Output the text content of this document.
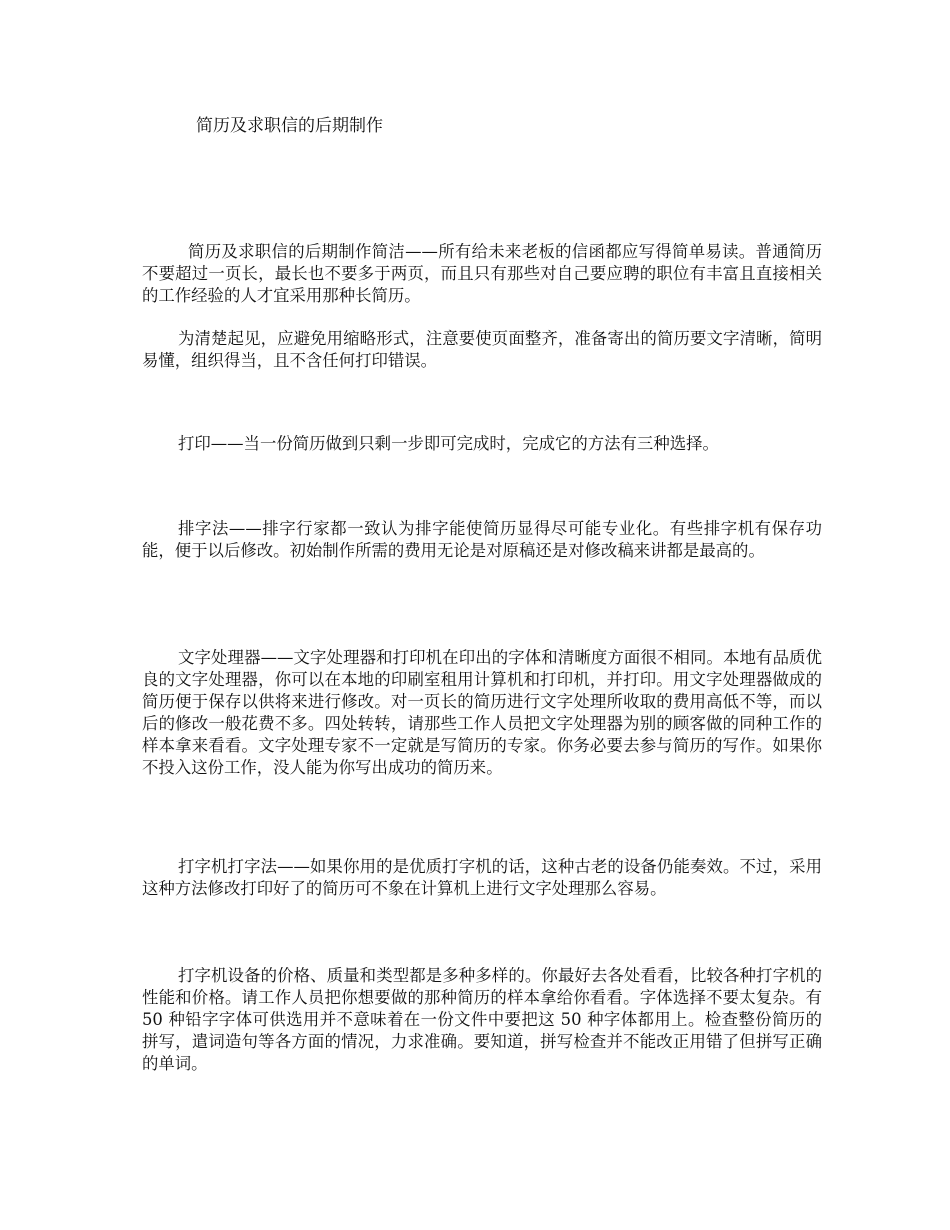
简历及求职信的后期制作

简历及求职信的后期制作简洁——所有给未来老板的信函都应写得简单易读。普通简历不要超过一页长，最长也不要多于两页，而且只有那些对自己要应聘的职位有丰富且直接相关的工作经验的人才宜采用那种长简历。

为清楚起见，应避免用缩略形式，注意要使页面整齐，准备寄出的简历要文字清晰，简明易懂，组织得当，且不含任何打印错误。

打印——当一份简历做到只剩一步即可完成时，完成它的方法有三种选择。

排字法——排字行家都一致认为排字能使简历显得尽可能专业化。有些排字机有保存功能，便于以后修改。初始制作所需的费用无论是对原稿还是对修改稿来讲都是最高的。

文字处理器——文字处理器和打印机在印出的字体和清晰度方面很不相同。本地有品质优良的文字处理器，你可以在本地的印刷室租用计算机和打印机，并打印。用文字处理器做成的简历便于保存以供将来进行修改。对一页长的简历进行文字处理所收取的费用高低不等，而以后的修改一般花费不多。四处转转，请那些工作人员把文字处理器为别的顾客做的同种工作的样本拿来看看。文字处理专家不一定就是写简历的专家。你务必要去参与简历的写作。如果你不投入这份工作，没人能为你写出成功的简历来。

打字机打字法——如果你用的是优质打字机的话，这种古老的设备仍能奏效。不过，采用这种方法修改打印好了的简历可不象在计算机上进行文字处理那么容易。

打字机设备的价格、质量和类型都是多种多样的。你最好去各处看看，比较各种打字机的性能和价格。请工作人员把你想要做的那种简历的样本拿给你看看。字体选择不要太复杂。有 50 种铅字字体可供选用并不意味着在一份文件中要把这 50 种字体都用上。检查整份简历的拼写，遣词造句等各方面的情况，力求准确。要知道，拼写检查并不能改正用错了但拼写正确的单词。
